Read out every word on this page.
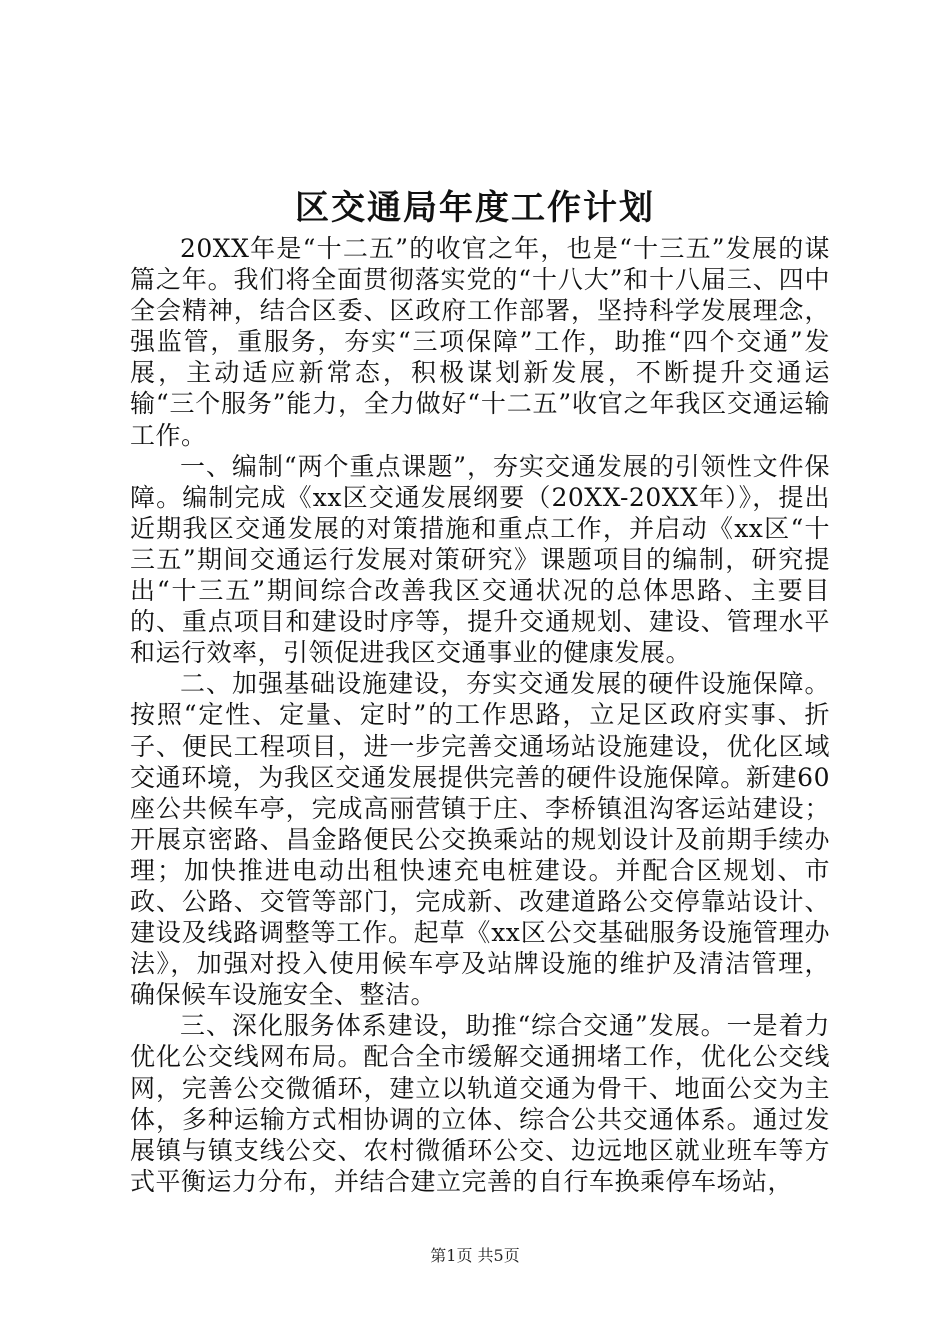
区交通局年度工作计划

20XX年是“十二五”的收官之年，也是“十三五”发展的谋篇之年。我们将全面贯彻落实党的“十八大”和十八届三、四中全会精神，结合区委、区政府工作部署，坚持科学发展理念，强监管，重服务，夯实“三项保障”工作，助推“四个交通”发展，主动适应新常态，积极谋划新发展，不断提升交通运输“三个服务”能力，全力做好“十二五”收官之年我区交通运输工作。

一、编制“两个重点课题”，夯实交通发展的引领性文件保障。编制完成《xx区交通发展纲要（20XX-20XX年）》，提出近期我区交通发展的对策措施和重点工作，并启动《xx区“十三五”期间交通运行发展对策研究》课题项目的编制，研究提出“十三五”期间综合改善我区交通状况的总体思路、主要目的、重点项目和建设时序等，提升交通规划、建设、管理水平和运行效率，引领促进我区交通事业的健康发展。

二、加强基础设施建设，夯实交通发展的硬件设施保障。按照“定性、定量、定时”的工作思路，立足区政府实事、折子、便民工程项目，进一步完善交通场站设施建设，优化区域交通环境，为我区交通发展提供完善的硬件设施保障。新建60座公共候车亭，完成高丽营镇于庄、李桥镇沮沟客运站建设；开展京密路、昌金路便民公交换乘站的规划设计及前期手续办理；加快推进电动出租快速充电桩建设。并配合区规划、市政、公路、交管等部门，完成新、改建道路公交停靠站设计、建设及线路调整等工作。起草《xx区公交基础服务设施管理办法》，加强对投入使用候车亭及站牌设施的维护及清洁管理，确保候车设施安全、整洁。

三、深化服务体系建设，助推“综合交通”发展。一是着力优化公交线网布局。配合全市缓解交通拥堵工作，优化公交线网，完善公交微循环，建立以轨道交通为骨干、地面公交为主体，多种运输方式相协调的立体、综合公共交通体系。通过发展镇与镇支线公交、农村微循环公交、边远地区就业班车等方式平衡运力分布，并结合建立完善的自行车换乘停车场站，

第1页 共5页
